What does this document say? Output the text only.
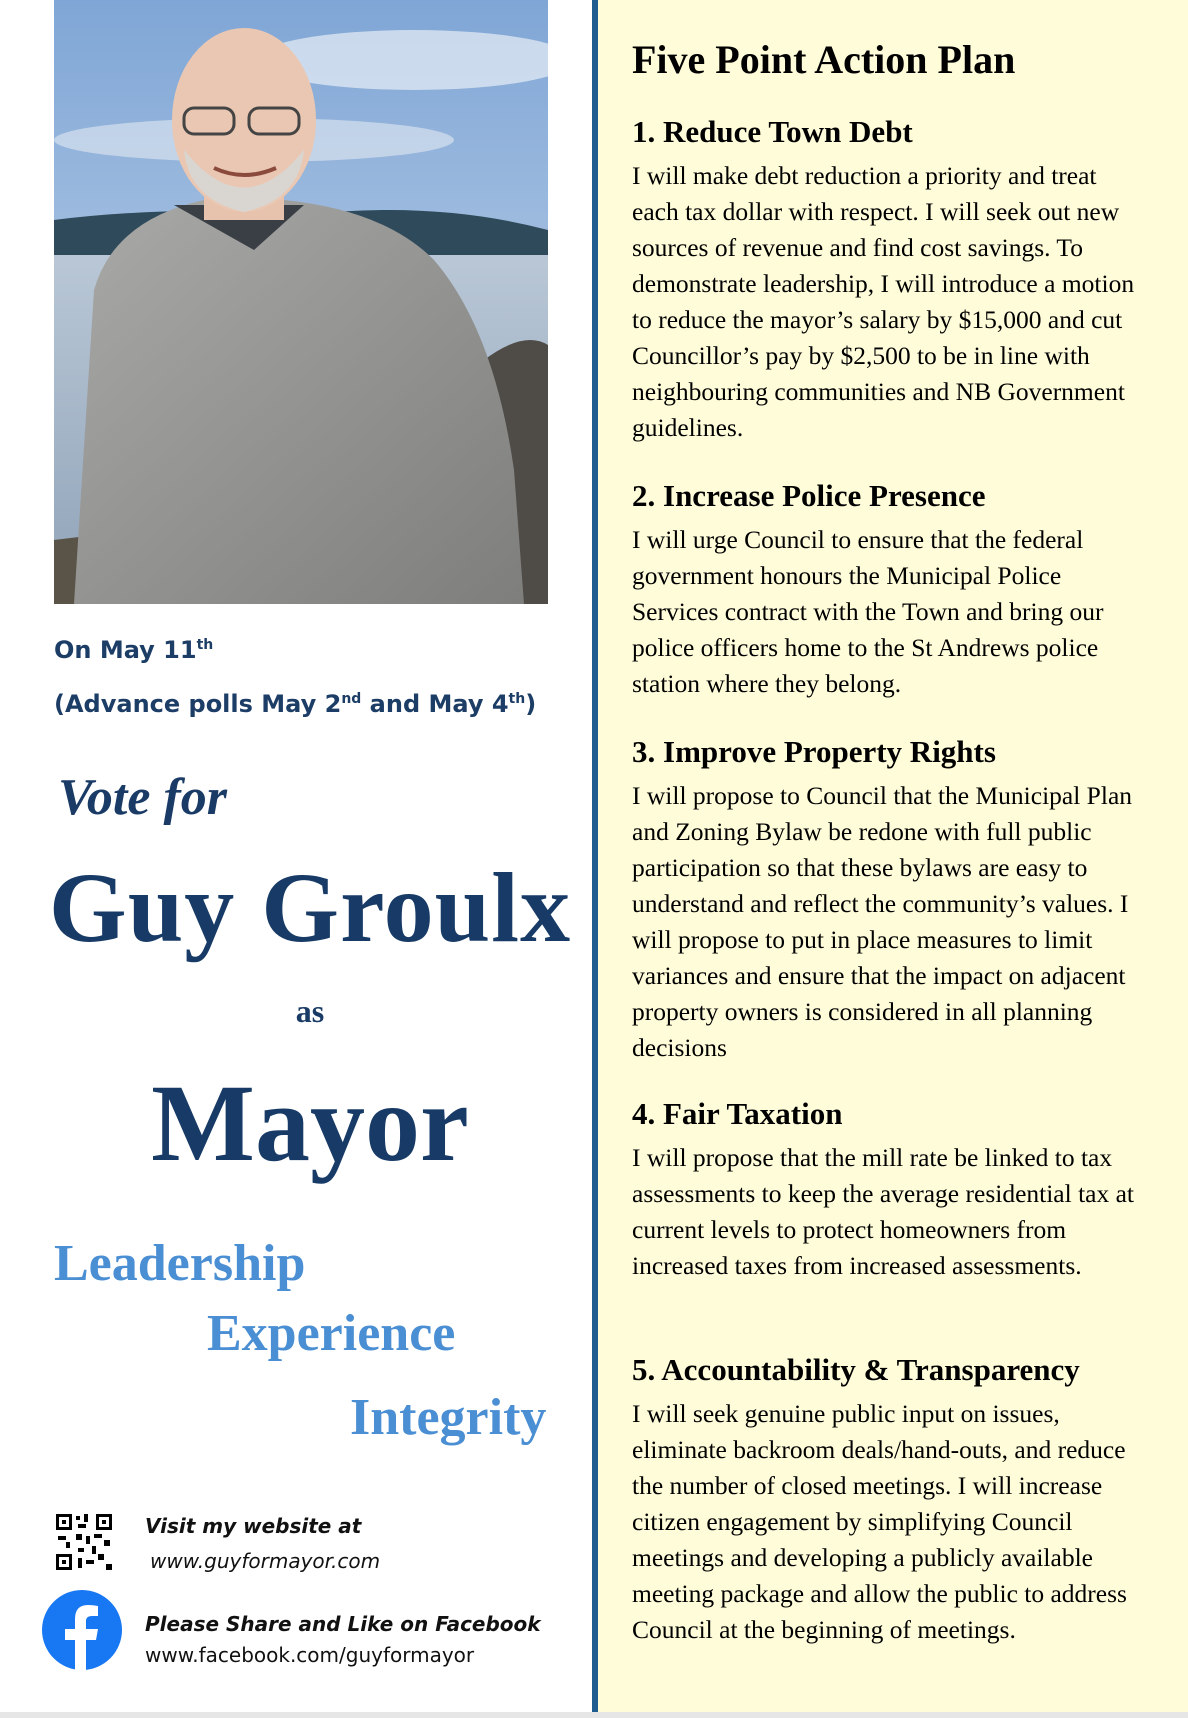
On May 11th
(Advance polls May 2nd and May 4th)
Vote for
Guy Groulx
as
Mayor
Leadership
Experience
Integrity
Visit my website at
www.guyformayor.com
Please Share and Like on Facebook
www.facebook.com/guyformayor
Five Point Action Plan
1. Reduce Town Debt

I will make debt reduction a priority and treat each tax dollar with respect. I will seek out new sources of revenue and find cost savings. To demonstrate leadership, I will introduce a motion to reduce the mayor’s salary by $15,000 and cut Councillor’s pay by $2,500 to be in line with neighbouring communities and NB Government guidelines.

2. Increase Police Presence

I will urge Council to ensure that the federal government honours the Municipal Police Services contract with the Town and bring our police officers home to the St Andrews police station where they belong.

3. Improve Property Rights

I will propose to Council that the Municipal Plan and Zoning Bylaw be redone with full public participation so that these bylaws are easy to understand and reflect the community’s values. I will propose to put in place measures to limit variances and ensure that the impact on adjacent property owners is considered in all planning decisions

4. Fair Taxation

I will propose that the mill rate be linked to tax assessments to keep the average residential tax at current levels to protect homeowners from increased taxes from increased assessments.

5. Accountability & Transparency

I will seek genuine public input on issues, eliminate backroom deals/hand-outs, and reduce the number of closed meetings. I will increase citizen engagement by simplifying Council meetings and developing a publicly available meeting package and allow the public to address Council at the beginning of meetings.
